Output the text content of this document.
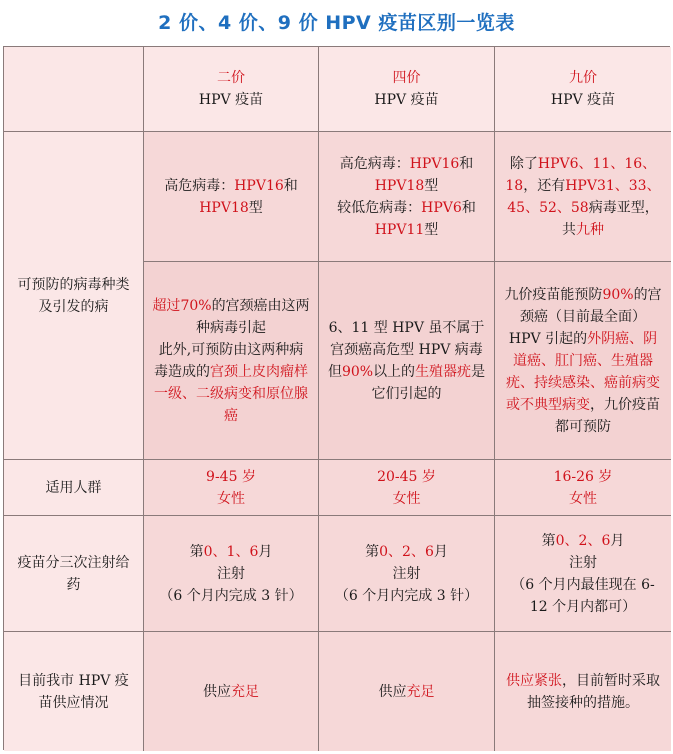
2 价、4 价、9 价 HPV 疫苗区别一览表
二价
HPV 疫苗
四价
HPV 疫苗
九价
HPV 疫苗
可预防的病毒种类及引发的病
高危病毒：HPV16和
HPV18型
高危病毒：HPV16和
HPV18型
较低危病毒：HPV6和
HPV11型
除了HPV6、11、16、18，还有HPV31、33、45、52、58病毒亚型，共九种
超过70%的宫颈癌由这两种病毒引起
此外,可预防由这两种病毒造成的宫颈上皮肉瘤样一级、二级病变和原位腺癌
6、11 型 HPV 虽不属于宫颈癌高危型 HPV 病毒但90%以上的生殖器疣是它们引起的
九价疫苗能预防90%的宫颈癌（目前最全面）
HPV 引起的外阴癌、阴道癌、肛门癌、生殖器疣、持续感染、癌前病变或不典型病变，九价疫苗都可预防
适用人群
9-45 岁
女性
20-45 岁
女性
16-26 岁
女性
疫苗分三次注射给药
第0、1、6月
注射
（6 个月内完成 3 针）
第0、2、6月
注射
（6 个月内完成 3 针）
第0、2、6月
注射
（6 个月内最佳现在 6-12 个月内都可）
目前我市 HPV 疫苗供应情况
供应充足	供应充足
供应紧张，目前暂时采取抽签接种的措施。
